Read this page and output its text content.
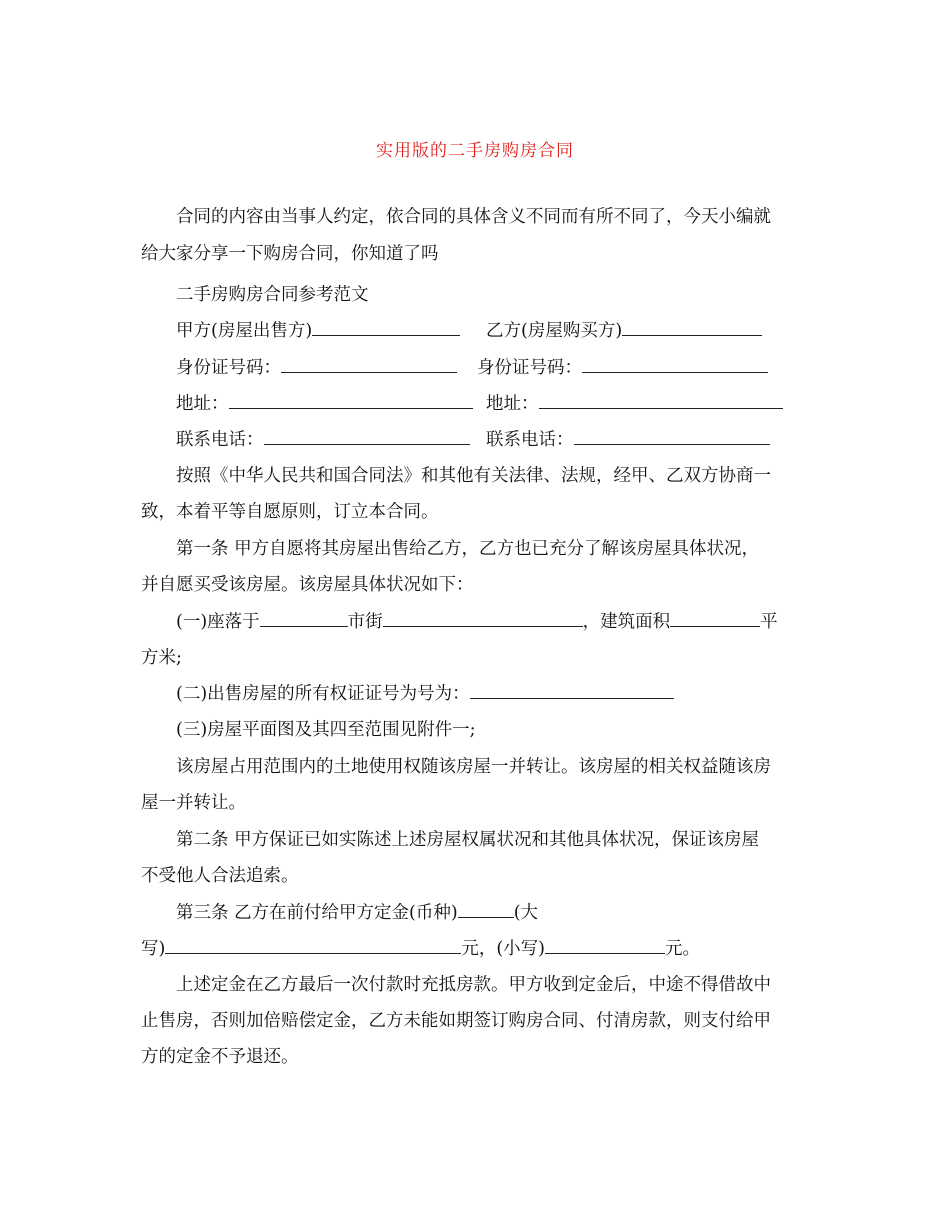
实用版的二手房购房合同
合同的内容由当事人约定，依合同的具体含义不同而有所不同了，今天小编就
给大家分享一下购房合同，你知道了吗
二手房购房合同参考范文
甲方(房屋出售方)	乙方(房屋购买方)
身份证号码：	身份证号码：
地址：	地址：
联系电话：	联系电话：
按照《中华人民共和国合同法》和其他有关法律、法规，经甲、乙双方协商一
致，本着平等自愿原则，订立本合同。
第一条 甲方自愿将其房屋出售给乙方，乙方也已充分了解该房屋具体状况，
并自愿买受该房屋。该房屋具体状况如下：
(一)座落于	市街	，建筑面积	平
方米;
(二)出售房屋的所有权证证号为号为：
(三)房屋平面图及其四至范围见附件一;
该房屋占用范围内的土地使用权随该房屋一并转让。该房屋的相关权益随该房
屋一并转让。
第二条 甲方保证已如实陈述上述房屋权属状况和其他具体状况，保证该房屋
不受他人合法追索。
第三条 乙方在前付给甲方定金(币种)	(大
写)	元，(小写)	元。
上述定金在乙方最后一次付款时充抵房款。甲方收到定金后，中途不得借故中
止售房，否则加倍赔偿定金，乙方未能如期签订购房合同、付清房款，则支付给甲
方的定金不予退还。
